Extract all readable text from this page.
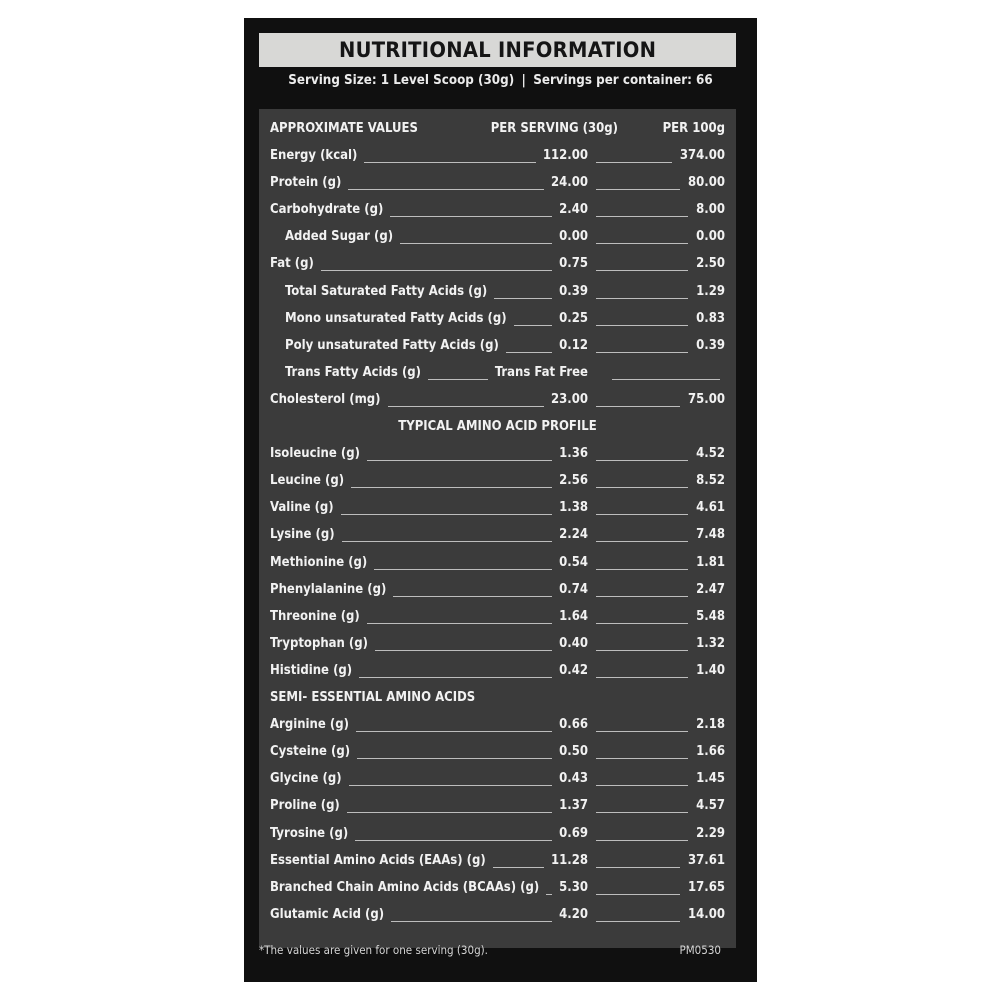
NUTRITIONAL INFORMATION
Serving Size: 1 Level Scoop (30g) | Servings per container: 66
APPROXIMATE VALUES	PER SERVING (30g)	PER 100g
Energy (kcal)	112.00	374.00
Protein (g)	24.00	80.00
Carbohydrate (g)	2.40	8.00
Added Sugar (g)	0.00	0.00
Fat (g)	0.75	2.50
Total Saturated Fatty Acids (g)	0.39	1.29
Mono unsaturated Fatty Acids (g)	0.25	0.83
Poly unsaturated Fatty Acids (g)	0.12	0.39
Trans Fatty Acids (g)	Trans Fat Free
Cholesterol (mg)	23.00	75.00
TYPICAL AMINO ACID PROFILE
Isoleucine (g)	1.36	4.52
Leucine (g)	2.56	8.52
Valine (g)	1.38	4.61
Lysine (g)	2.24	7.48
Methionine (g)	0.54	1.81
Phenylalanine (g)	0.74	2.47
Threonine (g)	1.64	5.48
Tryptophan (g)	0.40	1.32
Histidine (g)	0.42	1.40
SEMI- ESSENTIAL AMINO ACIDS
Arginine (g)	0.66	2.18
Cysteine (g)	0.50	1.66
Glycine (g)	0.43	1.45
Proline (g)	1.37	4.57
Tyrosine (g)	0.69	2.29
Essential Amino Acids (EAAs) (g)	11.28	37.61
Branched Chain Amino Acids (BCAAs) (g) 5.30	17.65
Glutamic Acid (g)	4.20	14.00
*The values are given for one serving (30g).	PM0530
